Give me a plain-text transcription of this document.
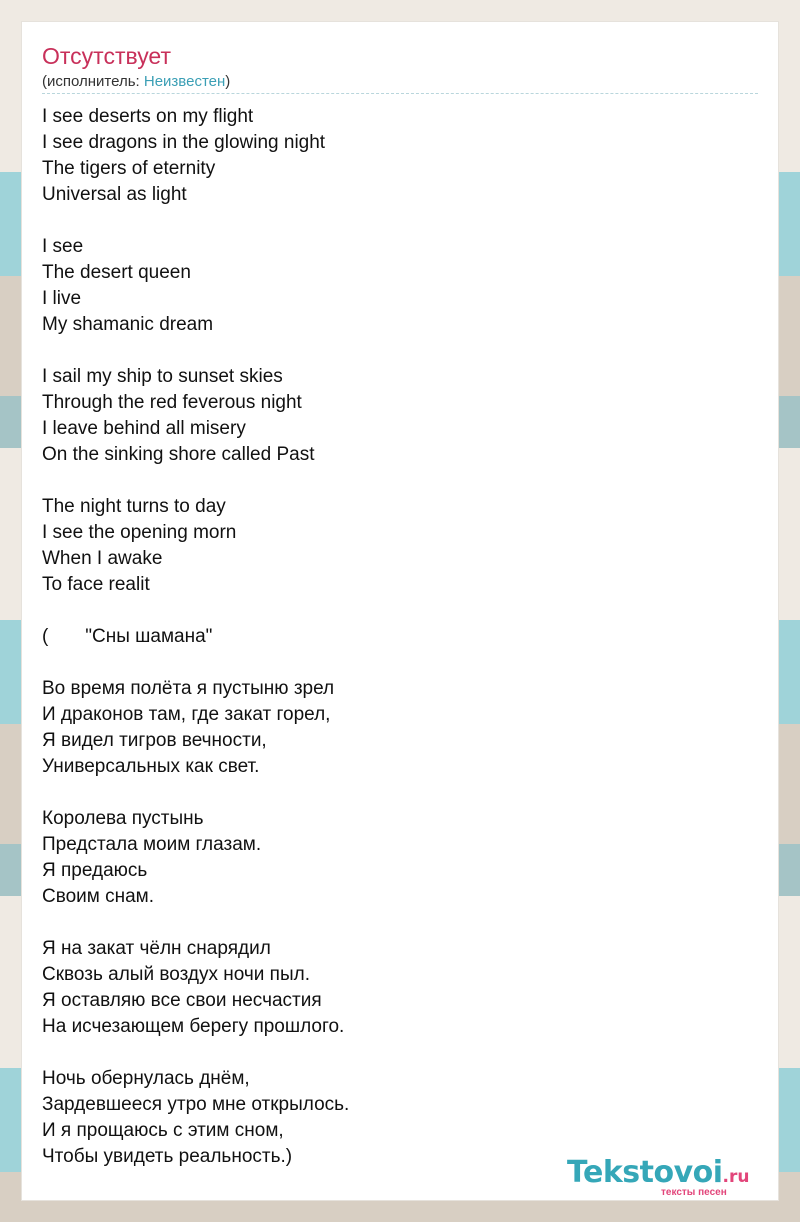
Отсутствует
(исполнитель: Неизвестен)
I see deserts on my flight
I see dragons in the glowing night
The tigers of eternity
Universal as light
I see
The desert queen
I live
My shamanic dream
I sail my ship to sunset skies
Through the red feverous night
I leave behind all misery
On the sinking shore called Past
The night turns to day
I see the opening morn
When I awake
To face realit
(       "Сны шамана"
Во время полёта я пустыню зрел
И драконов там, где закат горел,
Я видел тигров вечности,
Универсальных как свет.
Королева пустынь
Предстала моим глазам.
Я предаюсь
Своим снам.
Я на закат чёлн снарядил
Сквозь алый воздух ночи пыл.
Я оставляю все свои несчастия
На исчезающем берегу прошлого.
Ночь обернулась днём,
Зардевшееся утро мне открылось.
И я прощаюсь с этим сном,
Чтобы увидеть реальность.)	Tekstovoi.ru
тексты песен
